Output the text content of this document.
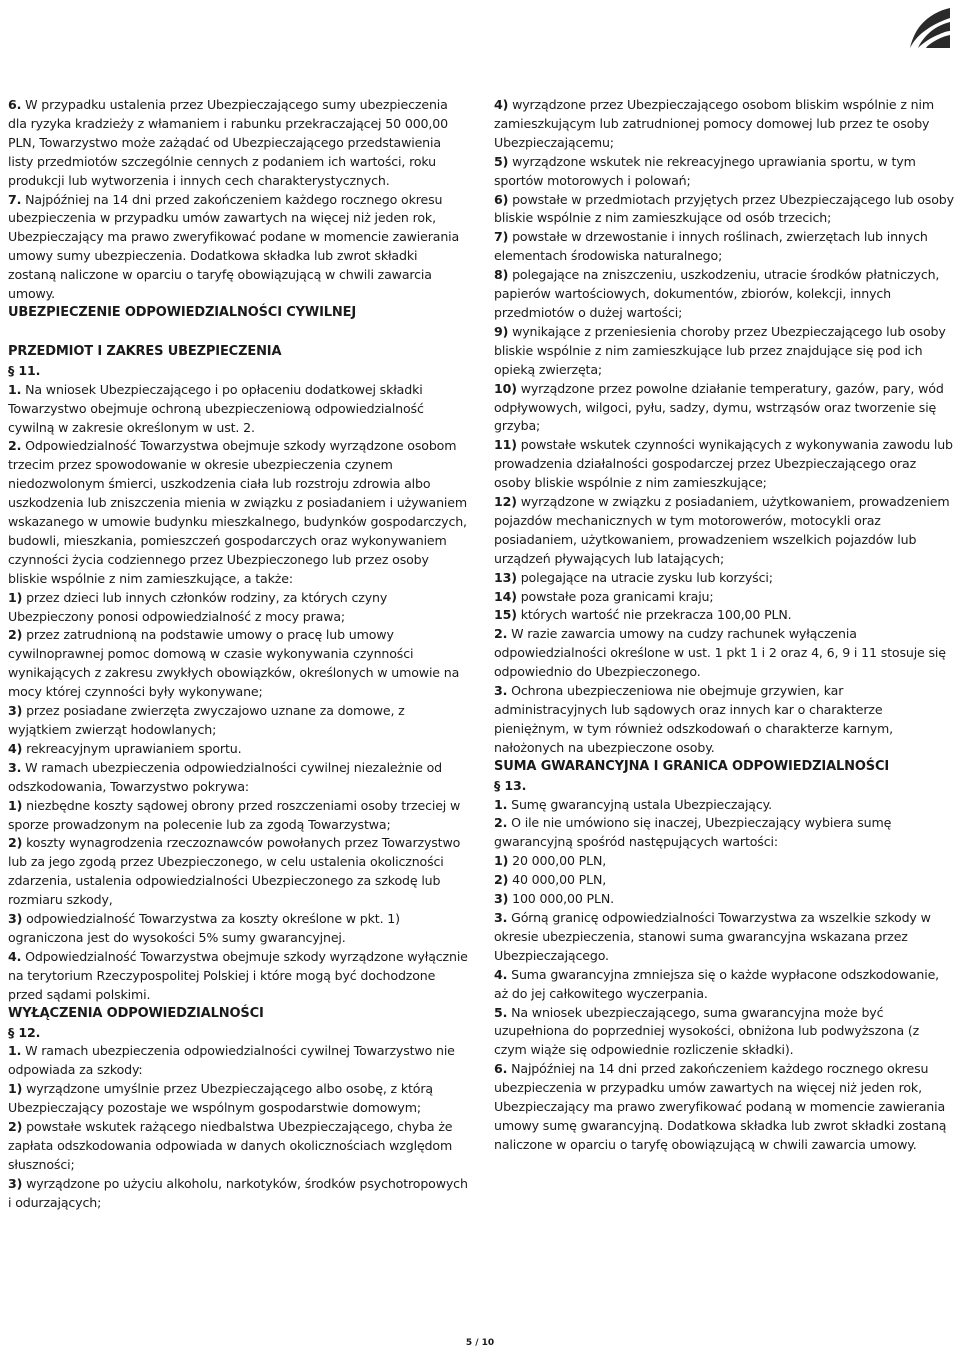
6. W przypadku ustalenia przez Ubezpieczającego sumy ubezpieczenia dla ryzyka kradzieży z włamaniem i rabunku przekraczającej 50 000,00 PLN, Towarzystwo może zażądać od Ubezpieczającego przedstawienia listy przedmiotów szczególnie cennych z podaniem ich wartości, roku produkcji lub wytworzenia i innych cech charakterystycznych.

7. Najpóźniej na 14 dni przed zakończeniem każdego rocznego okresu ubezpieczenia w przypadku umów zawartych na więcej niż jeden rok, Ubezpieczający ma prawo zweryfikować podane w momencie zawierania umowy sumy ubezpieczenia. Dodatkowa składka lub zwrot składki zostaną naliczone w oparciu o taryfę obowiązującą w chwili zawarcia umowy.

UBEZPIECZENIE ODPOWIEDZIALNOŚCI CYWILNEJ

PRZEDMIOT I ZAKRES UBEZPIECZENIA

§ 11.

1. Na wniosek Ubezpieczającego i po opłaceniu dodatkowej składki Towarzystwo obejmuje ochroną ubezpieczeniową odpowiedzialność cywilną w zakresie określonym w ust. 2.

2. Odpowiedzialność Towarzystwa obejmuje szkody wyrządzone osobom trzecim przez spowodowanie w okresie ubezpieczenia czynem niedozwolonym śmierci, uszkodzenia ciała lub rozstroju zdrowia albo uszkodzenia lub zniszczenia mienia w związku z posiadaniem i używaniem wskazanego w umowie budynku mieszkalnego, budynków gospodarczych, budowli, mieszkania, pomieszczeń gospodarczych oraz wykonywaniem czynności życia codziennego przez Ubezpieczonego lub przez osoby bliskie wspólnie z nim zamieszkujące, a także:

1) przez dzieci lub innych członków rodziny, za których czyny Ubezpieczony ponosi odpowiedzialność z mocy prawa;

2) przez zatrudnioną na podstawie umowy o pracę lub umowy cywilnoprawnej pomoc domową w czasie wykonywania czynności wynikających z zakresu zwykłych obowiązków, określonych w umowie na mocy której czynności były wykonywane;

3) przez posiadane zwierzęta zwyczajowo uznane za domowe, z wyjątkiem zwierząt hodowlanych;

4) rekreacyjnym uprawianiem sportu.

3. W ramach ubezpieczenia odpowiedzialności cywilnej niezależnie od odszkodowania, Towarzystwo pokrywa:

1) niezbędne koszty sądowej obrony przed roszczeniami osoby trzeciej w sporze prowadzonym na polecenie lub za zgodą Towarzystwa;

2) koszty wynagrodzenia rzeczoznawców powołanych przez Towarzystwo lub za jego zgodą przez Ubezpieczonego, w celu ustalenia okoliczności zdarzenia, ustalenia odpowiedzialności Ubezpieczonego za szkodę lub rozmiaru szkody,

3) odpowiedzialność Towarzystwa za koszty określone w pkt. 1) ograniczona jest do wysokości 5% sumy gwarancyjnej.

4. Odpowiedzialność Towarzystwa obejmuje szkody wyrządzone wyłącznie na terytorium Rzeczypospolitej Polskiej i które mogą być dochodzone przed sądami polskimi.

WYŁĄCZENIA ODPOWIEDZIALNOŚCI

§ 12.

1. W ramach ubezpieczenia odpowiedzialności cywilnej Towarzystwo nie odpowiada za szkody:

1) wyrządzone umyślnie przez Ubezpieczającego albo osobę, z którą Ubezpieczający pozostaje we wspólnym gospodarstwie domowym;

2) powstałe wskutek rażącego niedbalstwa Ubezpieczającego, chyba że zapłata odszkodowania odpowiada w danych okolicznościach względom słuszności;

3) wyrządzone po użyciu alkoholu, narkotyków, środków psychotropowych i odurzających;

4) wyrządzone przez Ubezpieczającego osobom bliskim wspólnie z nim zamieszkującym lub zatrudnionej pomocy domowej lub przez te osoby Ubezpieczającemu;

5) wyrządzone wskutek nie rekreacyjnego uprawiania sportu, w tym sportów motorowych i polowań;

6) powstałe w przedmiotach przyjętych przez Ubezpieczającego lub osoby bliskie wspólnie z nim zamieszkujące od osób trzecich;

7) powstałe w drzewostanie i innych roślinach, zwierzętach lub innych elementach środowiska naturalnego;

8) polegające na zniszczeniu, uszkodzeniu, utracie środków płatniczych, papierów wartościowych, dokumentów, zbiorów, kolekcji, innych przedmiotów o dużej wartości;

9) wynikające z przeniesienia choroby przez Ubezpieczającego lub osoby bliskie wspólnie z nim zamieszkujące lub przez znajdujące się pod ich opieką zwierzęta;

10) wyrządzone przez powolne działanie temperatury, gazów, pary, wód odpływowych, wilgoci, pyłu, sadzy, dymu, wstrząsów oraz tworzenie się grzyba;

11) powstałe wskutek czynności wynikających z wykonywania zawodu lub prowadzenia działalności gospodarczej przez Ubezpieczającego oraz osoby bliskie wspólnie z nim zamieszkujące;

12) wyrządzone w związku z posiadaniem, użytkowaniem, prowadzeniem pojazdów mechanicznych w tym motorowerów, motocykli oraz posiadaniem, użytkowaniem, prowadzeniem wszelkich pojazdów lub urządzeń pływających lub latających;

13) polegające na utracie zysku lub korzyści;

14) powstałe poza granicami kraju;

15) których wartość nie przekracza 100,00 PLN.

2. W razie zawarcia umowy na cudzy rachunek wyłączenia odpowiedzialności określone w ust. 1 pkt 1 i 2 oraz 4, 6, 9 i 11 stosuje się odpowiednio do Ubezpieczonego.

3. Ochrona ubezpieczeniowa nie obejmuje grzywien, kar administracyjnych lub sądowych oraz innych kar o charakterze pieniężnym, w tym również odszkodowań o charakterze karnym, nałożonych na ubezpieczone osoby.

SUMA GWARANCYJNA I GRANICA ODPOWIEDZIALNOŚCI

§ 13.

1. Sumę gwarancyjną ustala Ubezpieczający.

2. O ile nie umówiono się inaczej, Ubezpieczający wybiera sumę gwarancyjną spośród następujących wartości:

1) 20 000,00 PLN,

2) 40 000,00 PLN,

3) 100 000,00 PLN.

3. Górną granicę odpowiedzialności Towarzystwa za wszelkie szkody w okresie ubezpieczenia, stanowi suma gwarancyjna wskazana przez Ubezpieczającego.

4. Suma gwarancyjna zmniejsza się o każde wypłacone odszkodowanie, aż do jej całkowitego wyczerpania.

5. Na wniosek ubezpieczającego, suma gwarancyjna może być uzupełniona do poprzedniej wysokości, obniżona lub podwyższona (z czym wiąże się odpowiednie rozliczenie składki).

6. Najpóźniej na 14 dni przed zakończeniem każdego rocznego okresu ubezpieczenia w przypadku umów zawartych na więcej niż jeden rok, Ubezpieczający ma prawo zweryfikować podaną w momencie zawierania umowy sumę gwarancyjną. Dodatkowa składka lub zwrot składki zostaną naliczone w oparciu o taryfę obowiązującą w chwili zawarcia umowy.

5 / 10
